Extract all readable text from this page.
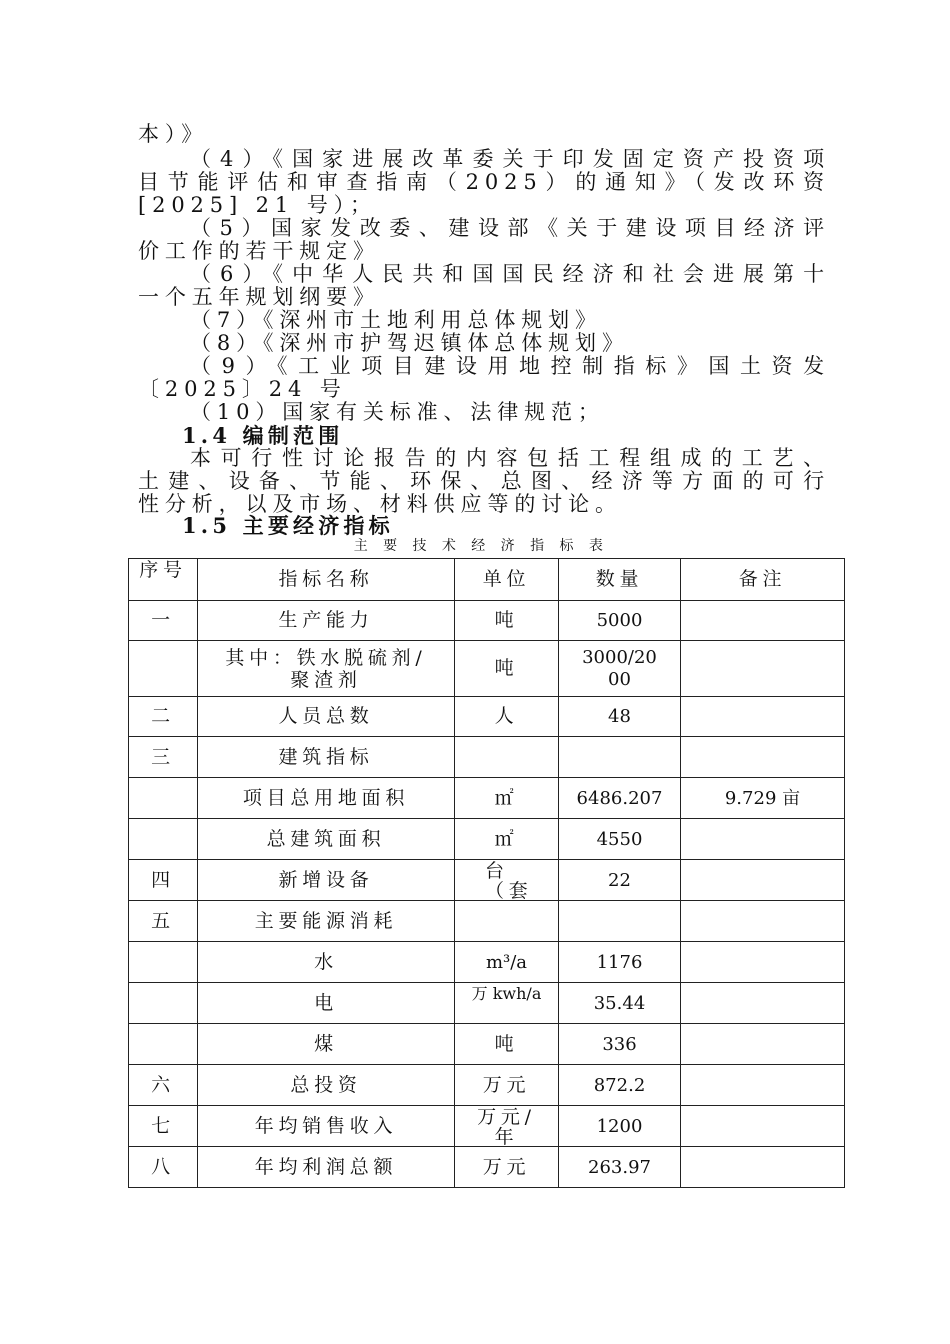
本）》
（4）《国家进展改革委关于印发固定资产投资项
目节能评估和审查指南（2025）的通知》（发改环资
[2025] 21 号）；
（5）国家发改委、建设部《关于建设项目经济评
价工作的若干规定》
（6）《中华人民共和国国民经济和社会进展第十
一个五年规划纲要》
（7）《深州市土地利用总体规划》
（8）《深州市护驾迟镇体总体规划》
（9）《工业项目建设用地控制指标》国土资发
〔2025〕24 号
（10）国家有关标准、法律规范；
1.4 编制范围
本可行性讨论报告的内容包括工程组成的工艺、
土建、设备、节能、环保、总图、经济等方面的可行
性分析，以及市场、材料供应等的讨论。
1.5 主要经济指标
主要技术经济指标表
序号	指标名称	单位	数量	备注
一	生产能力	吨	5000	
	其中：铁水脱硫剂/聚渣剂	吨	3000/2000	
二	人员总数	人	48	
三	建筑指标			
	项目总用地面积	㎡	6486.207	9.729 亩
	总建筑面积	㎡	4550	
四	新增设备	台（套	22	
五	主要能源消耗			
	水	m³/a	1176	
	电	万 kwh/a	35.44	
	煤	吨	336	
六	总投资	万元	872.2	
七	年均销售收入	万元/年	1200	
八	年均利润总额	万元	263.97	
